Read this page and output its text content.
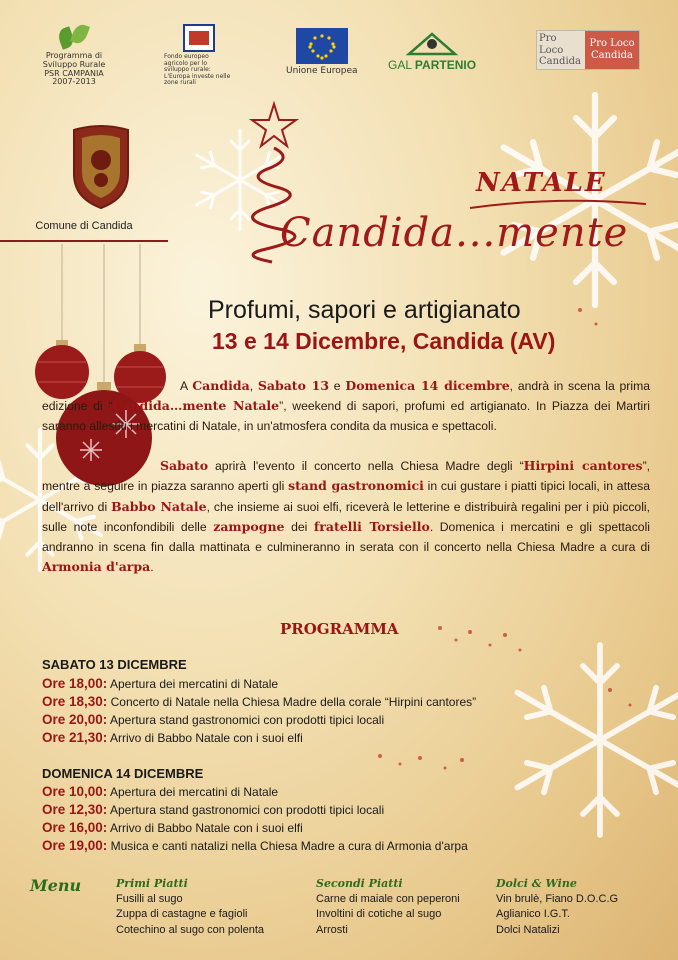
Programma di Sviluppo Rurale PSR CAMPANIA 2007-2013
Fondo europeo agricolo per lo sviluppo rurale: L'Europa investe nelle zone rurali
Unione Europea	GAL PARTENIO
Pro Loco Candida
Pro Loco Candida
Comune di Candida
NATALE
Candida...mente
Profumi, sapori e artigianato
13 e 14 Dicembre, Candida (AV)
A Candida, Sabato 13 e Domenica 14 dicembre, andrà in scena la prima edizione di “Candida…mente Natale”, weekend di sapori, profumi ed artigianato. In Piazza dei Martiri saranno allestiti i mercatini di Natale, in un'atmosfera condita da musica e spettacoli.
Sabato aprirà l'evento il concerto nella Chiesa Madre degli “Hirpini cantores”, mentre a seguire in piazza saranno aperti gli stand gastronomici in cui gustare i piatti tipici locali, in attesa dell'arrivo di Babbo Natale, che insieme ai suoi elfi, riceverà le letterine e distribuirà regalini per i più piccoli, sulle note inconfondibili delle zampogne dei fratelli Torsiello. Domenica i mercatini e gli spettacoli andranno in scena fin dalla mattinata e culmineranno in serata con il concerto nella Chiesa Madre a cura di Armonia d'arpa.
PROGRAMMA
SABATO 13 DICEMBRE
Ore 18,00: Apertura dei mercatini di Natale
Ore 18,30: Concerto di Natale nella Chiesa Madre della corale “Hirpini cantores”
Ore 20,00: Apertura stand gastronomici con prodotti tipici locali
Ore 21,30: Arrivo di Babbo Natale con i suoi elfi
DOMENICA 14 DICEMBRE
Ore 10,00: Apertura dei mercatini di Natale
Ore 12,30: Apertura stand gastronomici con prodotti tipici locali
Ore 16,00: Arrivo di Babbo Natale con i suoi elfi
Ore 19,00: Musica e canti natalizi nella Chiesa Madre a cura di Armonia d'arpa
Menu	Primi Piatti
Fusilli al sugo
Zuppa di castagne e fagioli
Cotechino al sugo con polenta
Secondi Piatti
Carne di maiale con peperoni
Involtini di cotiche al sugo
Arrosti
Dolci & Wine
Vin brulè, Fiano D.O.C.G
Aglianico I.G.T.
Dolci Natalizi
